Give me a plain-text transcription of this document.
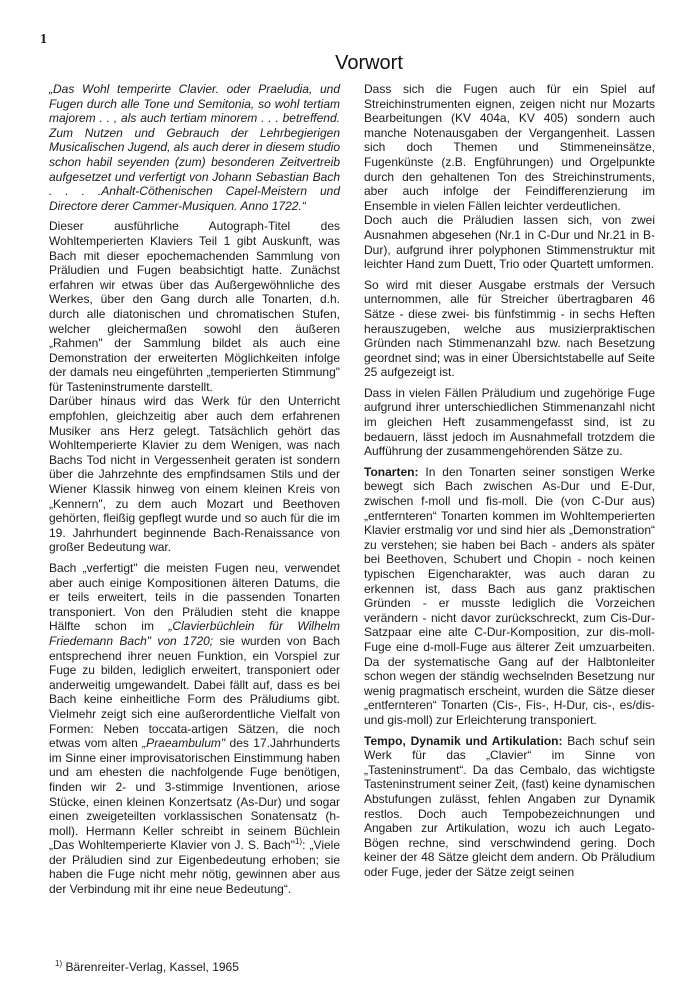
1
Vorwort

„Das Wohl temperirte Clavier. oder Praeludia, und Fugen durch alle Tone und Semitonia, so wohl tertiam majorem . . , als auch tertiam minorem . . . betreffend. Zum Nutzen und Gebrauch der Lehrbegierigen Musicalischen Jugend, als auch derer in diesem studio schon habil seyenden (zum) besonderen Zeitvertreib aufgesetzet und verfertigt von Johann Sebastian Bach . . . .Anhalt-Cöthenischen Capel-Meistern und Directore derer Cammer-Musiquen. Anno 1722.“

Dieser ausführliche Autograph-Titel des Wohltemperierten Klaviers Teil 1 gibt Auskunft, was Bach mit dieser epochemachenden Sammlung von Präludien und Fugen beabsichtigt hatte. Zunächst erfahren wir etwas über das Außergewöhnliche des Werkes, über den Gang durch alle Tonarten, d.h. durch alle diatonischen und chromatischen Stufen, welcher gleichermaßen sowohl den äußeren „Rahmen" der Sammlung bildet als auch eine Demonstration der erweiterten Möglichkeiten infolge der damals neu eingeführten „temperierten Stimmung" für Tasteninstrumente darstellt.

Darüber hinaus wird das Werk für den Unterricht empfohlen, gleichzeitig aber auch dem erfahrenen Musiker ans Herz gelegt. Tatsächlich gehört das Wohltemperierte Klavier zu dem Wenigen, was nach Bachs Tod nicht in Vergessenheit geraten ist sondern über die Jahrzehnte des empfindsamen Stils und der Wiener Klassik hinweg von einem kleinen Kreis von „Kennern", zu dem auch Mozart und Beethoven gehörten, fleißig gepflegt wurde und so auch für die im 19. Jahrhundert beginnende Bach-Renaissance von großer Bedeutung war.

Bach „verfertigt" die meisten Fugen neu, verwendet aber auch einige Kompositionen älteren Datums, die er teils erweitert, teils in die passenden Tonarten transponiert. Von den Präludien steht die knappe Hälfte schon im „Clavierbüchlein für Wilhelm Friedemann Bach" von 1720; sie wurden von Bach entsprechend ihrer neuen Funktion, ein Vorspiel zur Fuge zu bilden, lediglich erweitert, transponiert oder anderweitig umgewandelt. Dabei fällt auf, dass es bei Bach keine einheitliche Form des Präludiums gibt. Vielmehr zeigt sich eine außerordentliche Vielfalt von Formen: Neben toccata-artigen Sätzen, die noch etwas vom alten „Praeambulum" des 17.Jahrhunderts im Sinne einer improvisatorischen Einstimmung haben und am ehesten die nachfolgende Fuge benötigen, finden wir 2- und 3-stimmige Inventionen, ariose Stücke, einen kleinen Konzertsatz (As-Dur) und sogar einen zweigeteilten vorklassischen Sonatensatz (h-moll). Hermann Keller schreibt in seinem Büchlein „Das Wohltemperierte Klavier von J. S. Bach"$^{1)}$: „Viele der Präludien sind zur Eigenbedeutung erhoben; sie haben die Fuge nicht mehr nötig, gewinnen aber aus der Verbindung mit ihr eine neue Bedeutung“.

Dass sich die Fugen auch für ein Spiel auf Streichinstrumenten eignen, zeigen nicht nur Mozarts Bearbeitungen (KV 404a, KV 405) sondern auch manche Notenausgaben der Vergangenheit. Lassen sich doch Themen und Stimmeneinsätze, Fugenkünste (z.B. Engführungen) und Orgelpunkte durch den gehaltenen Ton des Streichinstruments, aber auch infolge der Feindifferenzierung im Ensemble in vielen Fällen leichter verdeutlichen.

Doch auch die Präludien lassen sich, von zwei Ausnahmen abgesehen (Nr.1 in C-Dur und Nr.21 in B-Dur), aufgrund ihrer polyphonen Stimmenstruktur mit leichter Hand zum Duett, Trio oder Quartett umformen.

So wird mit dieser Ausgabe erstmals der Versuch unternommen, alle für Streicher übertragbaren 46 Sätze - diese zwei- bis fünfstimmig - in sechs Heften herauszugeben, welche aus musizierpraktischen Gründen nach Stimmenanzahl bzw. nach Besetzung geordnet sind; was in einer Übersichtstabelle auf Seite 25 aufgezeigt ist.

Dass in vielen Fällen Präludium und zugehörige Fuge aufgrund ihrer unterschiedlichen Stimmenanzahl nicht im gleichen Heft zusammengefasst sind, ist zu bedauern, lässt jedoch im Ausnahmefall trotzdem die Aufführung der zusammengehörenden Sätze zu.

Tonarten: In den Tonarten seiner sonstigen Werke bewegt sich Bach zwischen As-Dur und E-Dur, zwischen f-moll und fis-moll. Die (von C-Dur aus) „entfernteren“ Tonarten kommen im Wohltemperierten Klavier erstmalig vor und sind hier als „Demonstration“ zu verstehen; sie haben bei Bach - anders als später bei Beethoven, Schubert und Chopin - noch keinen typischen Eigencharakter, was auch daran zu erkennen ist, dass Bach aus ganz praktischen Gründen - er musste lediglich die Vorzeichen verändern - nicht davor zurückschreckt, zum Cis-Dur-Satzpaar eine alte C-Dur-Komposition, zur dis-moll-Fuge eine d-moll-Fuge aus älterer Zeit umzuarbeiten. Da der systematische Gang auf der Halbtonleiter schon wegen der ständig wechselnden Besetzung nur wenig pragmatisch erscheint, wurden die Sätze dieser „entfernteren“ Tonarten (Cis-, Fis-, H-Dur, cis-, es/dis- und gis-moll) zur Erleichterung transponiert.

Tempo, Dynamik und Artikulation: Bach schuf sein Werk für das „Clavier“ im Sinne von „Tasteninstrument“. Da das Cembalo, das wichtigste Tasteninstrument seiner Zeit, (fast) keine dynamischen Abstufungen zulässt, fehlen Angaben zur Dynamik restlos. Doch auch Tempobezeichnungen und Angaben zur Artikulation, wozu ich auch Legato-Bögen rechne, sind verschwindend gering. Doch keiner der 48 Sätze gleicht dem andern. Ob Präludium oder Fuge, jeder der Sätze zeigt seinen

$^{1)}$ Bärenreiter-Verlag, Kassel, 1965
